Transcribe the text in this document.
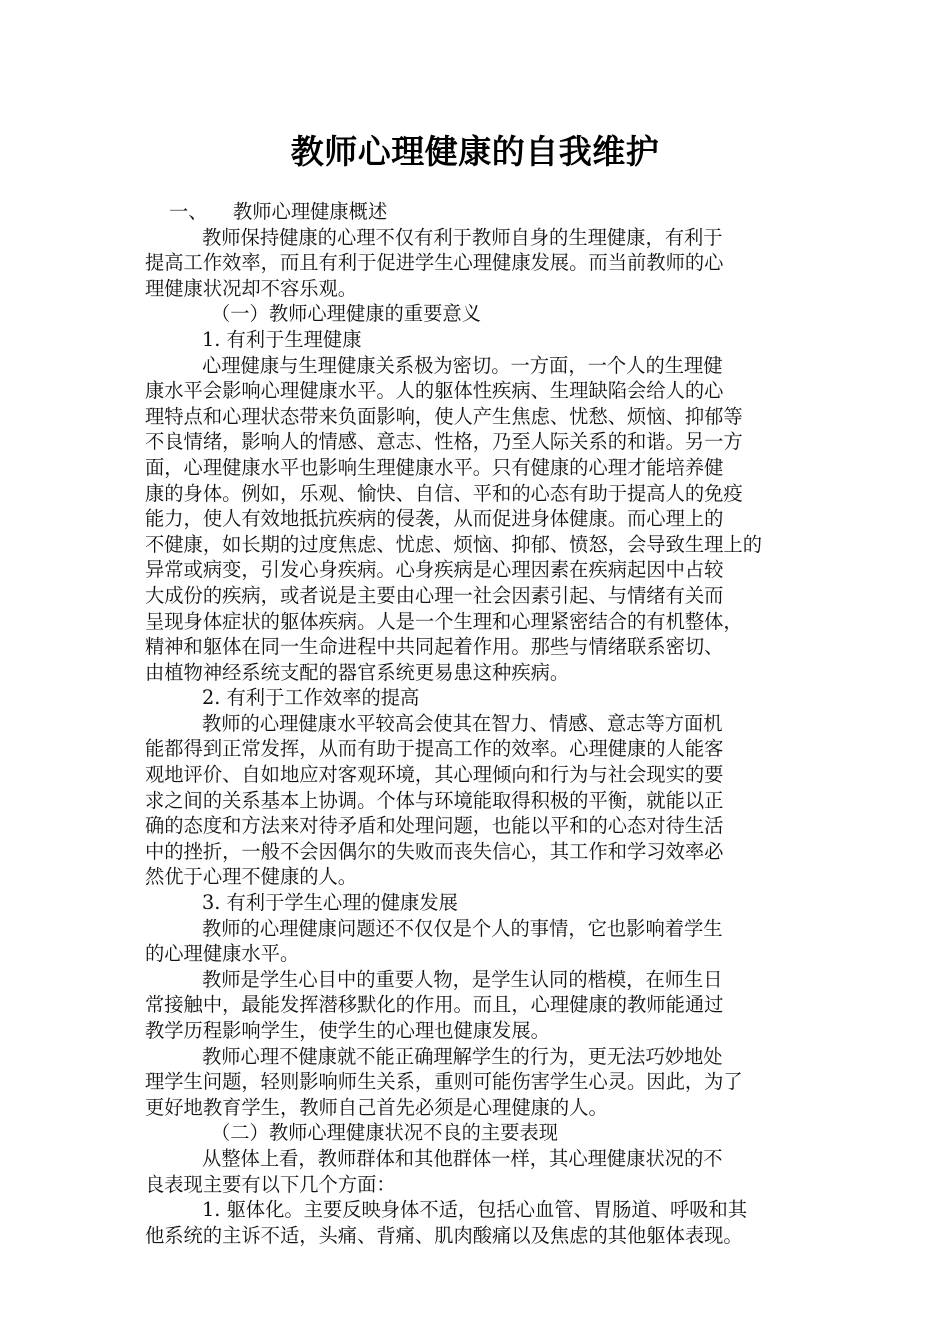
教师心理健康的自我维护
一、 教师心理健康概述
教师保持健康的心理不仅有利于教师自身的生理健康，有利于
提高工作效率，而且有利于促进学生心理健康发展。而当前教师的心
理健康状况却不容乐观。
（一）教师心理健康的重要意义
1. 有利于生理健康
心理健康与生理健康关系极为密切。一方面，一个人的生理健
康水平会影响心理健康水平。人的躯体性疾病、生理缺陷会给人的心
理特点和心理状态带来负面影响，使人产生焦虑、忧愁、烦恼、抑郁等
不良情绪，影响人的情感、意志、性格，乃至人际关系的和谐。另一方
面，心理健康水平也影响生理健康水平。只有健康的心理才能培养健
康的身体。例如，乐观、愉快、自信、平和的心态有助于提高人的免疫
能力，使人有效地抵抗疾病的侵袭，从而促进身体健康。而心理上的
不健康，如长期的过度焦虑、忧虑、烦恼、抑郁、愤怒，会导致生理上的
异常或病变，引发心身疾病。心身疾病是心理因素在疾病起因中占较
大成份的疾病，或者说是主要由心理一社会因素引起、与情绪有关而
呈现身体症状的躯体疾病。人是一个生理和心理紧密结合的有机整体，
精神和躯体在同一生命进程中共同起着作用。那些与情绪联系密切、
由植物神经系统支配的器官系统更易患这种疾病。
2. 有利于工作效率的提高
教师的心理健康水平较高会使其在智力、情感、意志等方面机
能都得到正常发挥，从而有助于提高工作的效率。心理健康的人能客
观地评价、自如地应对客观环境，其心理倾向和行为与社会现实的要
求之间的关系基本上协调。个体与环境能取得积极的平衡，就能以正
确的态度和方法来对待矛盾和处理问题，也能以平和的心态对待生活
中的挫折，一般不会因偶尔的失败而丧失信心，其工作和学习效率必
然优于心理不健康的人。
3. 有利于学生心理的健康发展
教师的心理健康问题还不仅仅是个人的事情，它也影响着学生
的心理健康水平。
教师是学生心目中的重要人物，是学生认同的楷模，在师生日
常接触中，最能发挥潜移默化的作用。而且，心理健康的教师能通过
教学历程影响学生，使学生的心理也健康发展。
教师心理不健康就不能正确理解学生的行为，更无法巧妙地处
理学生问题，轻则影响师生关系，重则可能伤害学生心灵。因此，为了
更好地教育学生，教师自己首先必须是心理健康的人。
（二）教师心理健康状况不良的主要表现
从整体上看，教师群体和其他群体一样，其心理健康状况的不
良表现主要有以下几个方面：
1. 躯体化。主要反映身体不适，包括心血管、胃肠道、呼吸和其
他系统的主诉不适，头痛、背痛、肌肉酸痛以及焦虑的其他躯体表现。
